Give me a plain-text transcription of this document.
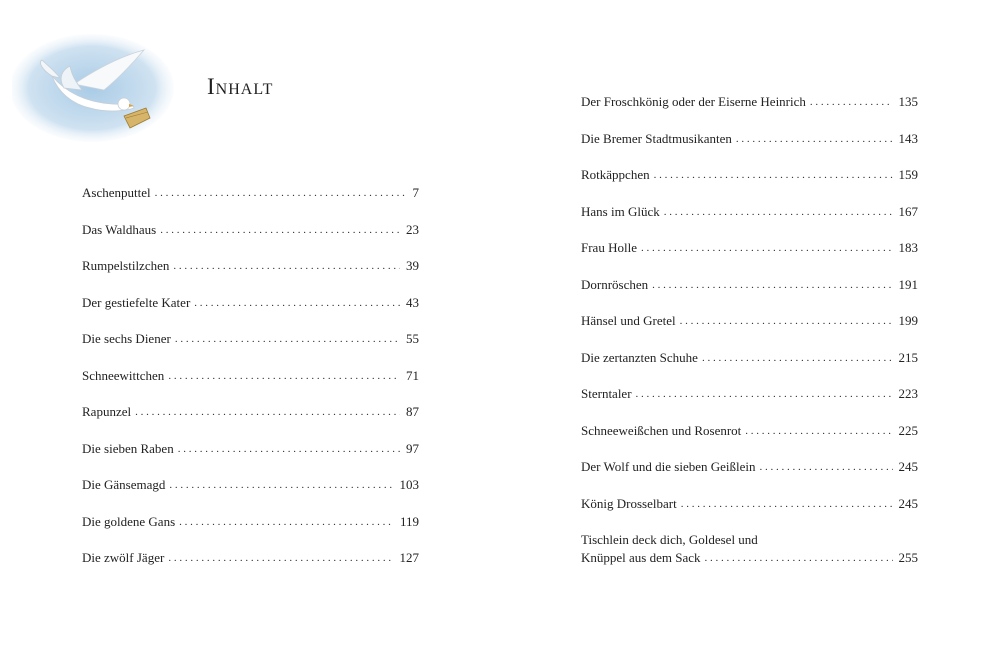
Inhalt
Aschenputtel . . .	7
Das Waldhaus . . .	23
Rumpelstilzchen . . .	39
Der gestiefelte Kater . . .	43
Die sechs Diener . . .	55
Schneewittchen . . .	71
Rapunzel . . .	87
Die sieben Raben . . .	97
Die Gänsemagd . . .	103
Die goldene Gans . . .	119
Die zwölf Jäger . . .	127
Der Froschkönig oder der Eiserne Heinrich . . .	135
Die Bremer Stadtmusikanten . . .	143
Rotkäppchen . . .	159
Hans im Glück . . .	167
Frau Holle . . .	183
Dornröschen . . .	191
Hänsel und Gretel . . .	199
Die zertanzten Schuhe . . .	215
Sterntaler . . .	223
Schneeweißchen und Rosenrot . . .	225
Der Wolf und die sieben Geißlein . . .	245
König Drosselbart . . .	245
Tischlein deck dich, Goldesel und
Knüppel aus dem Sack . . .	255
